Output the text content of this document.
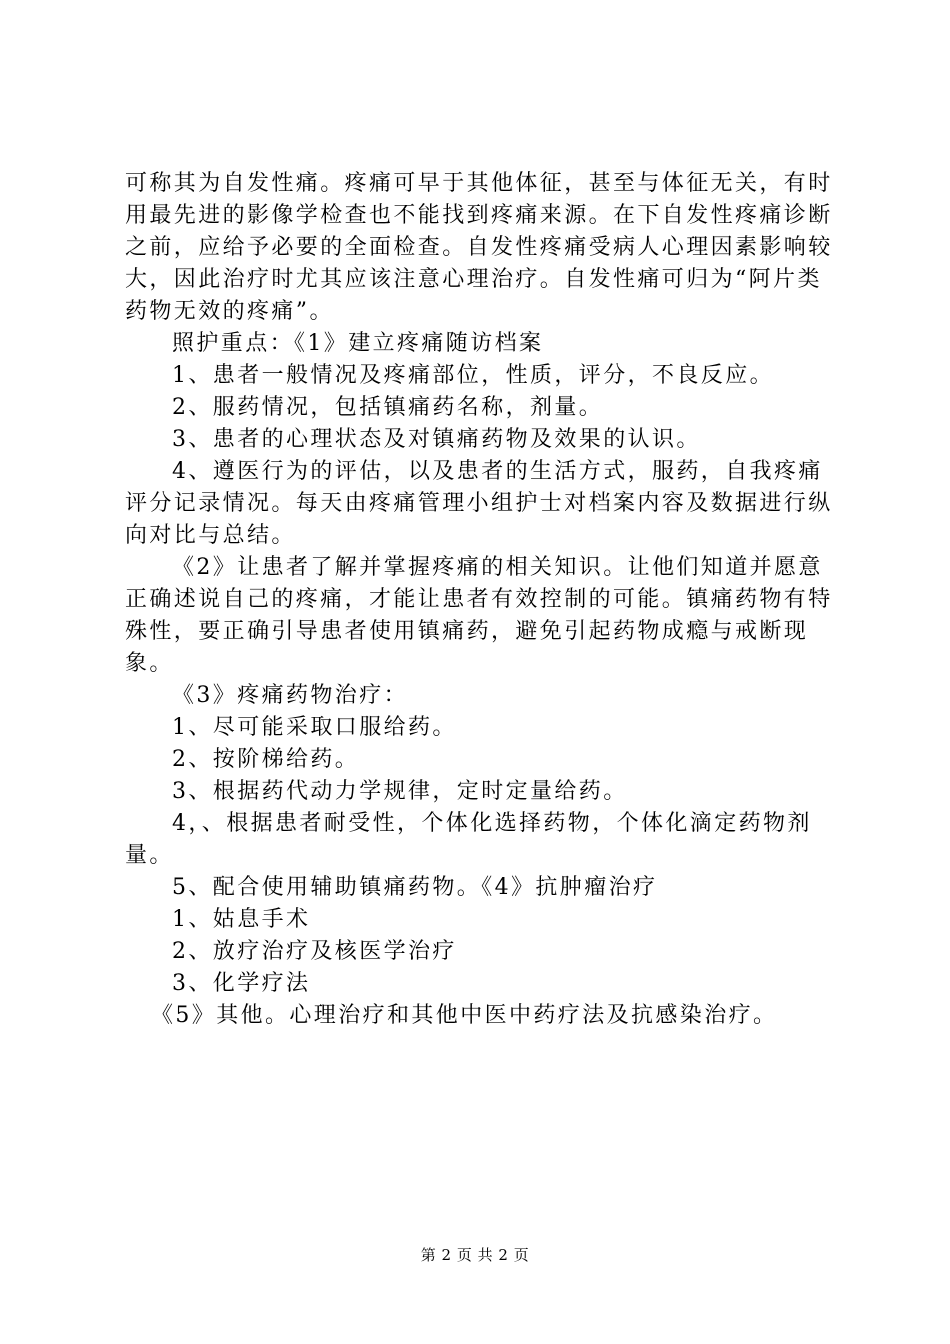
可称其为自发性痛。疼痛可早于其他体征，甚至与体征无关，有时用最先进的影像学检查也不能找到疼痛来源。在下自发性疼痛诊断之前，应给予必要的全面检查。自发性疼痛受病人心理因素影响较大，因此治疗时尤其应该注意心理治疗。自发性痛可归为“阿片类药物无效的疼痛”。

照护重点：《1》建立疼痛随访档案

1、患者一般情况及疼痛部位，性质，评分，不良反应。

2、服药情况，包括镇痛药名称，剂量。

3、患者的心理状态及对镇痛药物及效果的认识。

4、遵医行为的评估，以及患者的生活方式，服药，自我疼痛评分记录情况。每天由疼痛管理小组护士对档案内容及数据进行纵向对比与总结。

《2》让患者了解并掌握疼痛的相关知识。让他们知道并愿意正确述说自己的疼痛，才能让患者有效控制的可能。镇痛药物有特殊性，要正确引导患者使用镇痛药，避免引起药物成瘾与戒断现象。

《3》疼痛药物治疗：

1、尽可能采取口服给药。

2、按阶梯给药。

3、根据药代动力学规律，定时定量给药。

4，、根据患者耐受性，个体化选择药物，个体化滴定药物剂量。

5、配合使用辅助镇痛药物。《4》抗肿瘤治疗

1、姑息手术

2、放疗治疗及核医学治疗

3、化学疗法

《5》其他。心理治疗和其他中医中药疗法及抗感染治疗。

第 2 页 共 2 页
